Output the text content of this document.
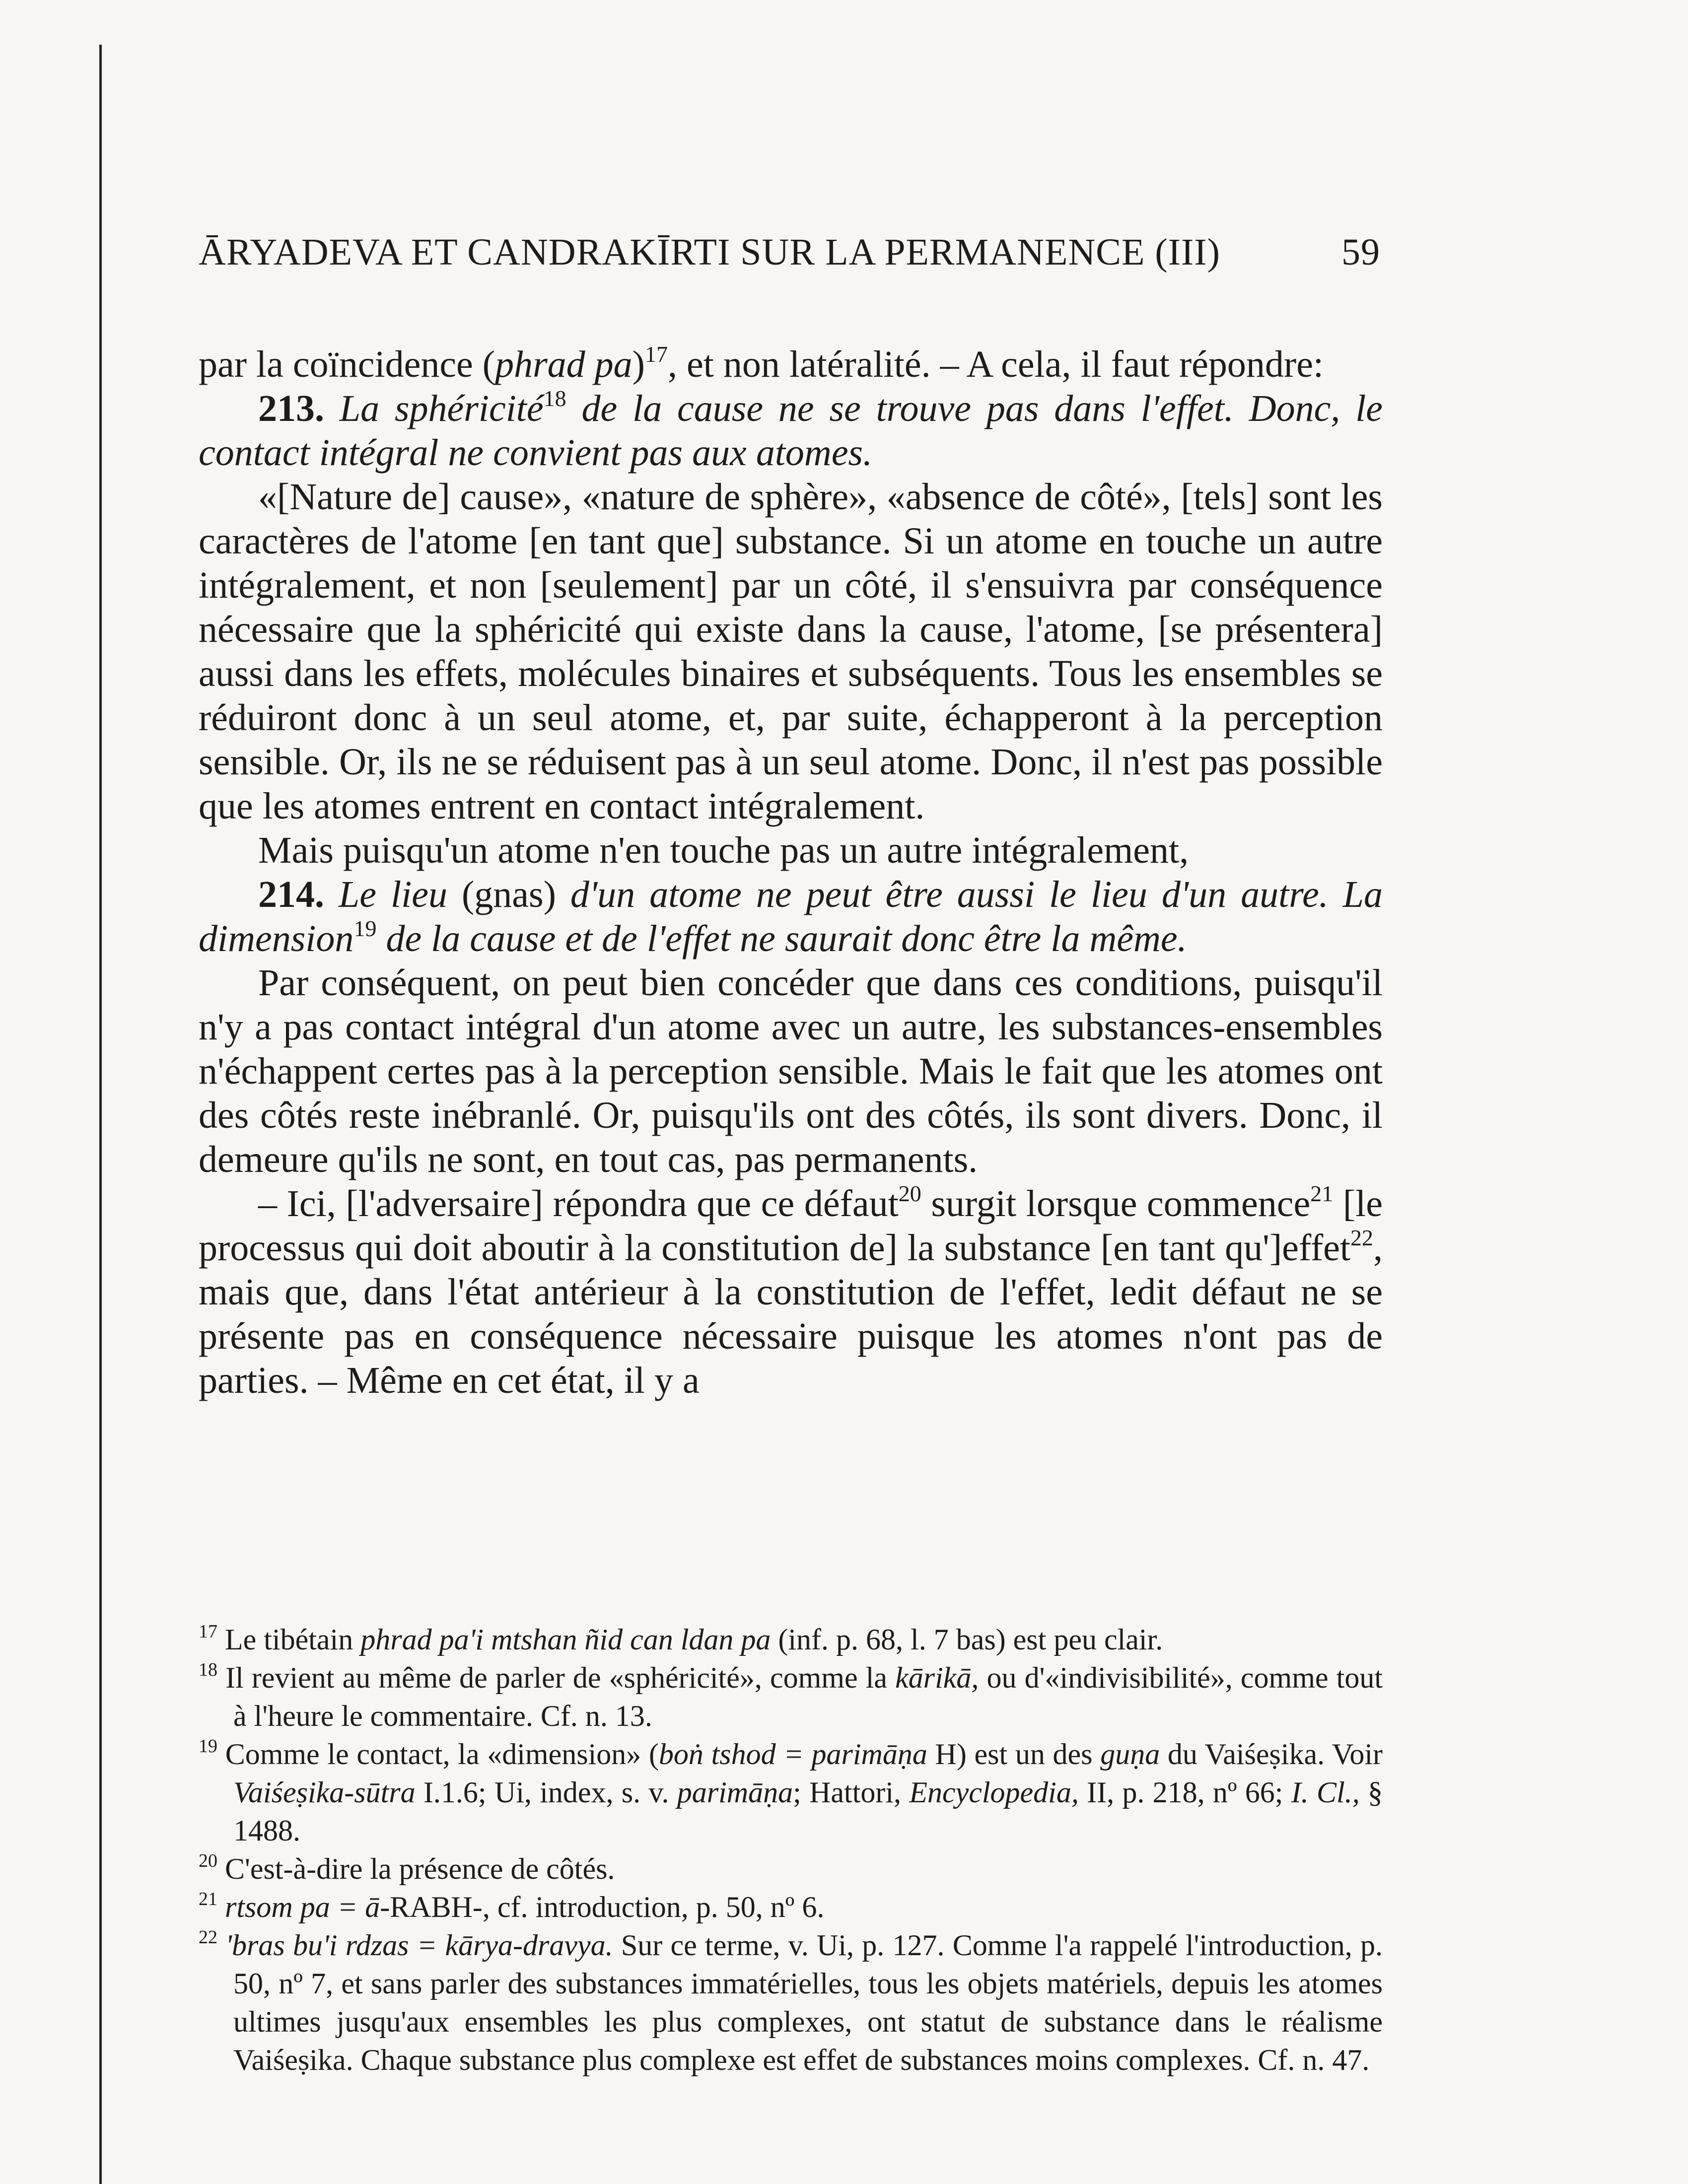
ĀRYADEVA ET CANDRAKĪRTI SUR LA PERMANENCE (III)	59

par la coïncidence (phrad pa)$^{17}$, et non latéralité. – A cela, il faut répondre:

213. La sphéricité$^{18}$ de la cause ne se trouve pas dans l'effet. Donc, le contact intégral ne convient pas aux atomes.

«[Nature de] cause», «nature de sphère», «absence de côté», [tels] sont les caractères de l'atome [en tant que] substance. Si un atome en touche un autre intégralement, et non [seulement] par un côté, il s'ensuivra par conséquence nécessaire que la sphéricité qui existe dans la cause, l'atome, [se présentera] aussi dans les effets, molécules binaires et subséquents. Tous les ensembles se réduiront donc à un seul atome, et, par suite, échapperont à la perception sensible. Or, ils ne se réduisent pas à un seul atome. Donc, il n'est pas possible que les atomes entrent en contact intégralement.

Mais puisqu'un atome n'en touche pas un autre intégralement,

214. Le lieu (gnas) d'un atome ne peut être aussi le lieu d'un autre. La dimension$^{19}$ de la cause et de l'effet ne saurait donc être la même.

Par conséquent, on peut bien concéder que dans ces conditions, puisqu'il n'y a pas contact intégral d'un atome avec un autre, les substances-ensembles n'échappent certes pas à la perception sensible. Mais le fait que les atomes ont des côtés reste inébranlé. Or, puisqu'ils ont des côtés, ils sont divers. Donc, il demeure qu'ils ne sont, en tout cas, pas permanents.

– Ici, [l'adversaire] répondra que ce défaut$^{20}$ surgit lorsque commence$^{21}$ [le processus qui doit aboutir à la constitution de] la substance [en tant qu']effet$^{22}$, mais que, dans l'état antérieur à la constitution de l'effet, ledit défaut ne se présente pas en conséquence nécessaire puisque les atomes n'ont pas de parties. – Même en cet état, il y a

$^{17}$ Le tibétain phrad pa'i mtshan ñid can ldan pa (inf. p. 68, l. 7 bas) est peu clair.

$^{18}$ Il revient au même de parler de «sphéricité», comme la kārikā, ou d'«indivisibilité», comme tout à l'heure le commentaire. Cf. n. 13.

$^{19}$ Comme le contact, la «dimension» (boṅ tshod = parimāṇa H) est un des guṇa du Vaiśeṣika. Voir Vaiśeṣika-sūtra I.1.6; Ui, index, s. v. parimāṇa; Hattori, Encyclopedia, II, p. 218, nº 66; I. Cl., § 1488.

$^{20}$ C'est-à-dire la présence de côtés.

$^{21}$ rtsom pa = ā-RABH-, cf. introduction, p. 50, nº 6.

$^{22}$ 'bras bu'i rdzas = kārya-dravya. Sur ce terme, v. Ui, p. 127. Comme l'a rappelé l'introduction, p. 50, nº 7, et sans parler des substances immatérielles, tous les objets matériels, depuis les atomes ultimes jusqu'aux ensembles les plus complexes, ont statut de substance dans le réalisme Vaiśeṣika. Chaque substance plus complexe est effet de substances moins complexes. Cf. n. 47.
